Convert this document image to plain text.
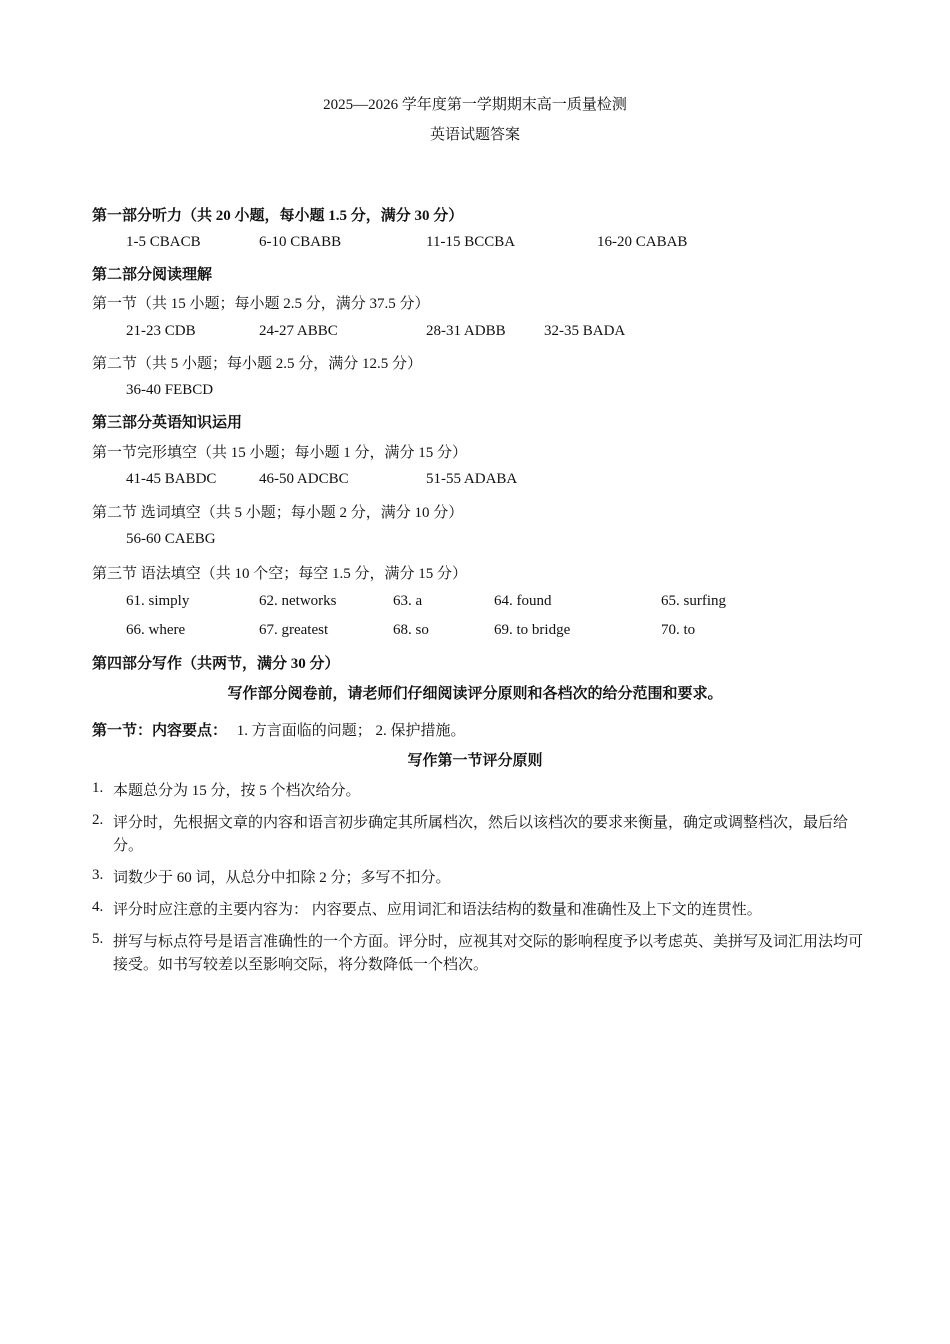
2025—2026 学年度第一学期期末高一质量检测
英语试题答案
第一部分听力（共 20 小题，每小题 1.5 分，满分 30 分）
1-5 CBACB	6-10 CBABB	11-15 BCCBA	16-20 CABAB
第二部分阅读理解
第一节（共 15 小题；每小题 2.5 分，满分 37.5 分）
21-23 CDB	24-27 ABBC	28-31 ADBB	32-35 BADA
第二节（共 5 小题；每小题 2.5 分，满分 12.5 分）
36-40 FEBCD
第三部分英语知识运用
第一节完形填空（共 15 小题；每小题 1 分，满分 15 分）
41-45 BABDC	46-50 ADCBC	51-55 ADABA
第二节 选词填空（共 5 小题；每小题 2 分，满分 10 分）
56-60 CAEBG
第三节 语法填空（共 10 个空；每空 1.5 分，满分 15 分）
61. simply	62. networks	63. a	64. found	65. surfing
66. where	67. greatest	68. so	69. to bridge	70. to
第四部分写作（共两节，满分 30 分）
写作部分阅卷前，请老师们仔细阅读评分原则和各档次的给分范围和要求。
第一节：内容要点： 1. 方言面临的问题； 2. 保护措施。
写作第一节评分原则
1. 本题总分为 15 分，按 5 个档次给分。
2. 评分时，先根据文章的内容和语言初步确定其所属档次，然后以该档次的要求来衡量，确定或调整档次，最后给分。
3. 词数少于 60 词，从总分中扣除 2 分；多写不扣分。
4. 评分时应注意的主要内容为： 内容要点、应用词汇和语法结构的数量和准确性及上下文的连贯性。
5. 拼写与标点符号是语言准确性的一个方面。评分时，应视其对交际的影响程度予以考虑英、美拼写及词汇用法均可接受。如书写较差以至影响交际，将分数降低一个档次。
